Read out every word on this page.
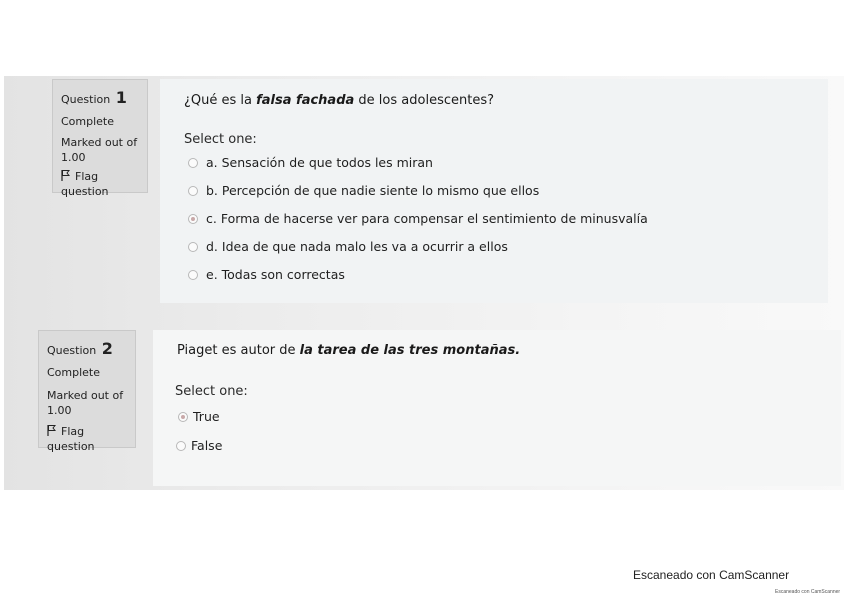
Question 1
Complete
Marked out of
1.00
Flag question
¿Qué es la falsa fachada de los adolescentes?
Select one:
a. Sensación de que todos les miran
b. Percepción de que nadie siente lo mismo que ellos
c. Forma de hacerse ver para compensar el sentimiento de minusvalía
d. Idea de que nada malo les va a ocurrir a ellos
e. Todas son correctas
Question 2
Complete
Marked out of
1.00
Flag question
Piaget es autor de la tarea de las tres montañas.
Select one:
True
False
Escaneado con CamScanner
Escaneado con CamScanner
